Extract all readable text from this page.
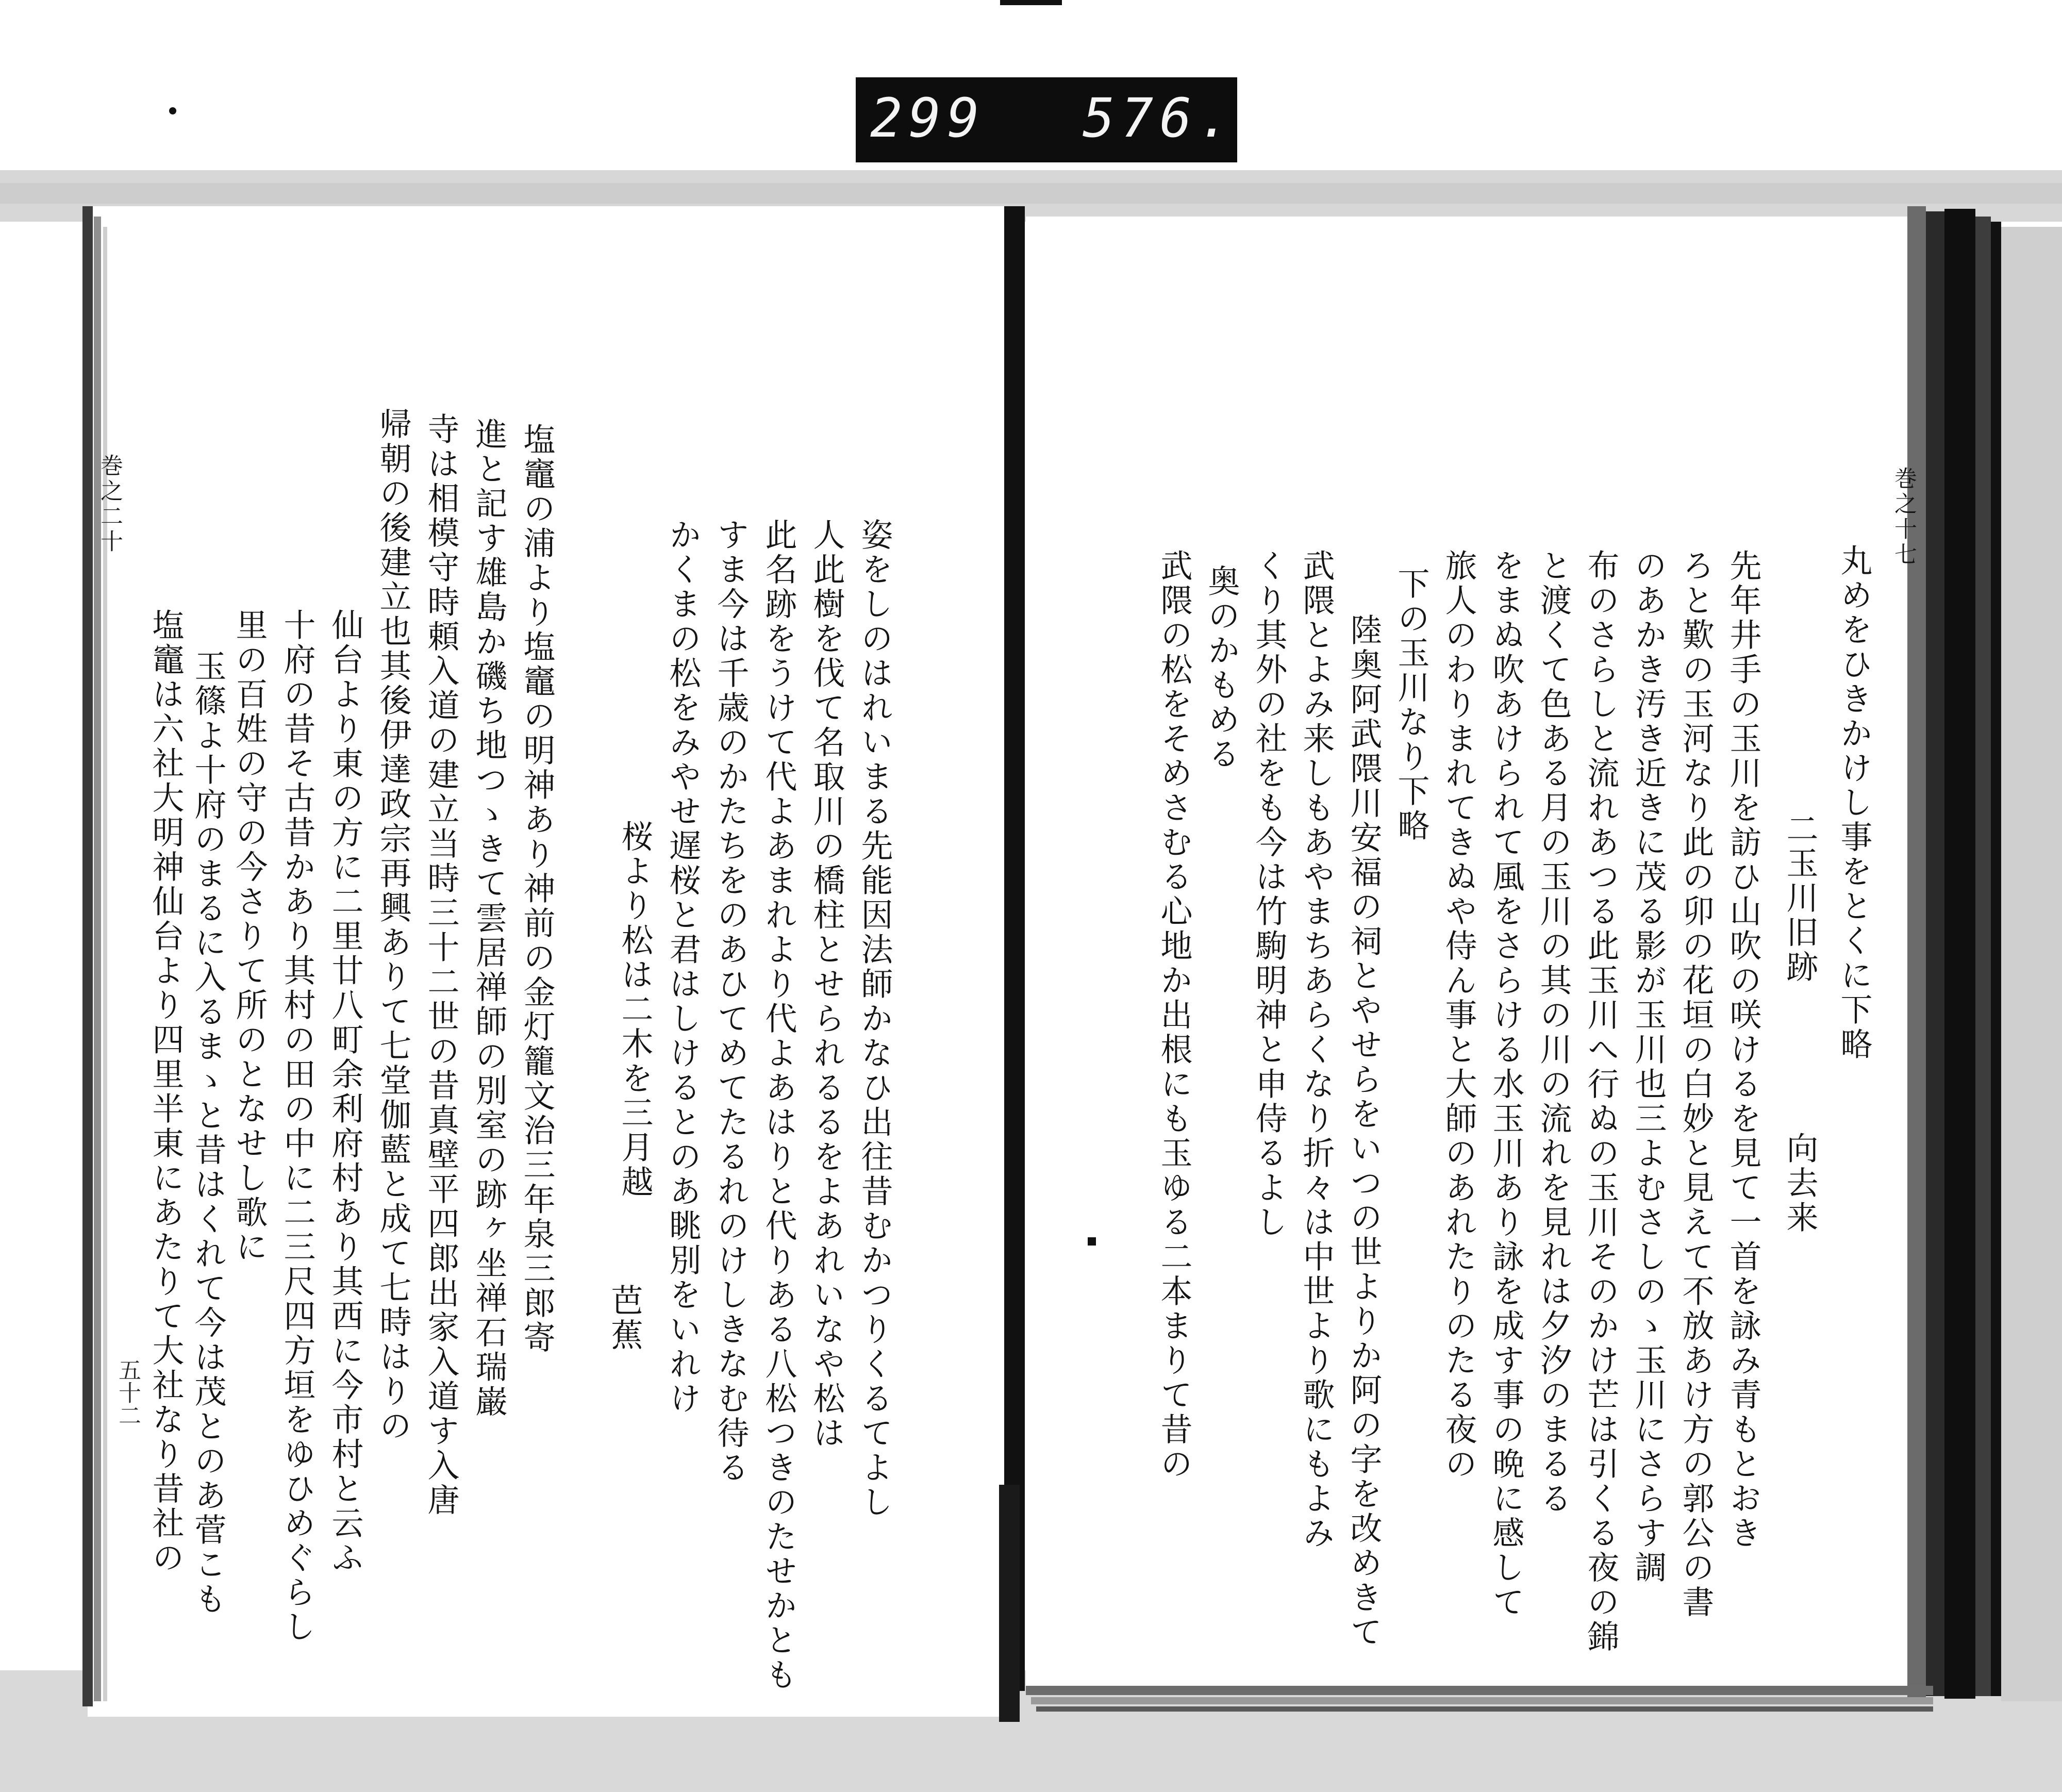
299 576.
巻之十七
丸めをひきかけし事をとくに下略
二玉川旧跡
向去来
先年井手の玉川を訪ひ山吹の咲けるを見て一首を詠み青もとおき
ろと歎の玉河なり此の卯の花垣の白妙と見えて不放あけ方の郭公の書
のあかき汚き近きに茂る影が玉川也三よむさしのゝ玉川にさらす調
布のさらしと流れあつる此玉川へ行ぬの玉川そのかけ芒は引くる夜の錦
と渡くて色ある月の玉川の其の川の流れを見れは夕汐のまるる
をまぬ吹あけられて風をさらける水玉川あり詠を成す事の晩に感して
旅人のわりまれてきぬや侍ん事と大師のあれたりのたる夜の
下の玉川なり下略
陸奥阿武隈川安福の祠とやせらをいつの世よりか阿の字を改めきて
武隈とよみ来しもあやまちあらくなり折々は中世より歌にもよみ
くり其外の社をも今は竹駒明神と申侍るよし
奥のかもめる
武隈の松をそめさむる心地か出根にも玉ゆる二本まりて昔の
巻之二十
五十二	姿をしのはれいまる先能因法師かなひ出往昔むかつりくるてよし
人此樹を伐て名取川の橋柱とせられるるをよあれいなや松は
此名跡をうけて代よあまれより代よあはりと代りある八松つきのたせかとも
すま今は千歳のかたちをのあひてめてたるれのけしきなむ待る
かくまの松をみやせ遅桜と君はしけるとのあ眺別をいれけ
桜より松は二木を三月越
芭蕉
塩竈の浦より塩竈の明神あり神前の金灯籠文治三年泉三郎寄
進と記す雄島か磯ち地つゝきて雲居禅師の別室の跡ヶ坐禅石瑞巌
寺は相模守時頼入道の建立当時三十二世の昔真壁平四郎出家入道す入唐
帰朝の後建立也其後伊達政宗再興ありて七堂伽藍と成て七時はりの
仙台より東の方に二里廿八町余利府村あり其西に今市村と云ふ
十府の昔そ古昔かあり其村の田の中に二三尺四方垣をゆひめぐらし
里の百姓の守の今さりて所のとなせし歌に
玉篠よ十府のまるに入るまゝと昔はくれて今は茂とのあ菅こも
塩竈は六社大明神仙台より四里半東にあたりて大社なり昔社の
